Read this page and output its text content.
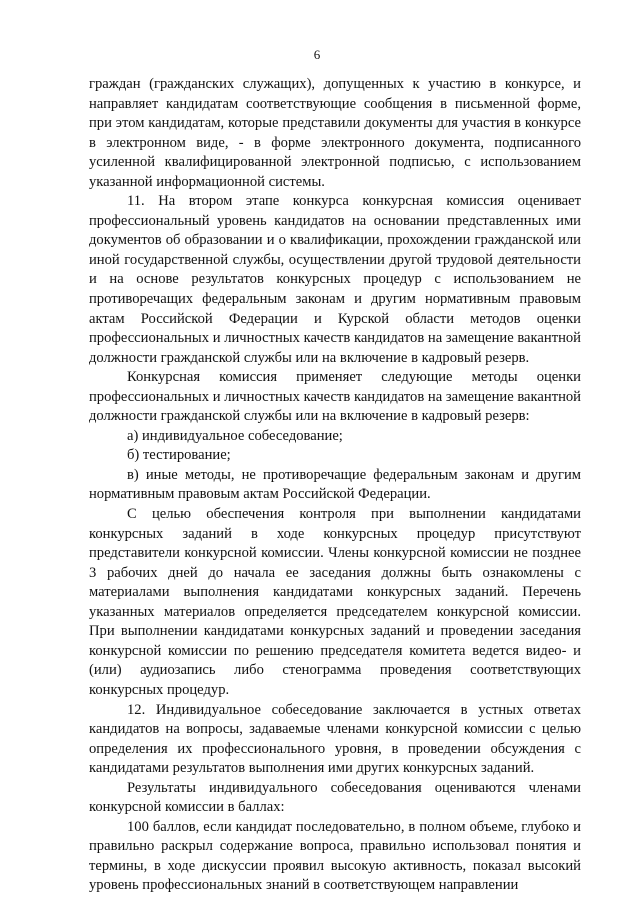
6

граждан (гражданских служащих), допущенных к участию в конкурсе, и направляет кандидатам соответствующие сообщения в письменной форме, при этом кандидатам, которые представили документы для участия в конкурсе в электронном виде, - в форме электронного документа, подписанного усиленной квалифицированной электронной подписью, с использованием указанной информационной системы.

11. На втором этапе конкурса конкурсная комиссия оценивает профессиональный уровень кандидатов на основании представленных ими документов об образовании и о квалификации, прохождении гражданской или иной государственной службы, осуществлении другой трудовой деятельности и на основе результатов конкурсных процедур с использованием не противоречащих федеральным законам и другим нормативным правовым актам Российской Федерации и Курской области методов оценки профессиональных и личностных качеств кандидатов на замещение вакантной должности гражданской службы или на включение в кадровый резерв.

Конкурсная комиссия применяет следующие методы оценки профессиональных и личностных качеств кандидатов на замещение вакантной должности гражданской службы или на включение в кадровый резерв:

а) индивидуальное собеседование;

б) тестирование;

в) иные методы, не противоречащие федеральным законам и другим нормативным правовым актам Российской Федерации.

С целью обеспечения контроля при выполнении кандидатами конкурсных заданий в ходе конкурсных процедур присутствуют представители конкурсной комиссии. Члены конкурсной комиссии не позднее 3 рабочих дней до начала ее заседания должны быть ознакомлены с материалами выполнения кандидатами конкурсных заданий. Перечень указанных материалов определяется председателем конкурсной комиссии. При выполнении кандидатами конкурсных заданий и проведении заседания конкурсной комиссии по решению председателя комитета ведется видео- и (или) аудиозапись либо стенограмма проведения соответствующих конкурсных процедур.

12. Индивидуальное собеседование заключается в устных ответах кандидатов на вопросы, задаваемые членами конкурсной комиссии с целью определения их профессионального уровня, в проведении обсуждения с кандидатами результатов выполнения ими других конкурсных заданий.

Результаты индивидуального собеседования оцениваются членами конкурсной комиссии в баллах:

100 баллов, если кандидат последовательно, в полном объеме, глубоко и правильно раскрыл содержание вопроса, правильно использовал понятия и термины, в ходе дискуссии проявил высокую активность, показал высокий уровень профессиональных знаний в соответствующем направлении
